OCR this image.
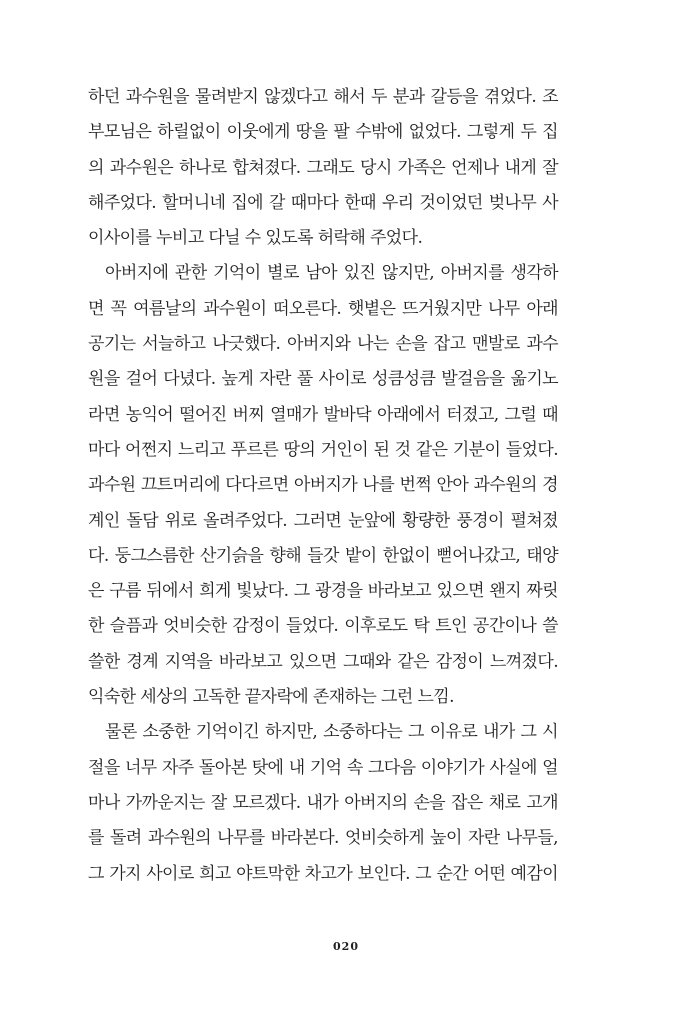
하던 과수원을 물려받지 않겠다고 해서 두 분과 갈등을 겪었다. 조
부모님은 하릴없이 이웃에게 땅을 팔 수밖에 없었다. 그렇게 두 집
의 과수원은 하나로 합쳐졌다. 그래도 당시 가족은 언제나 내게 잘
해주었다. 할머니네 집에 갈 때마다 한때 우리 것이었던 벚나무 사
이사이를 누비고 다닐 수 있도록 허락해 주었다.
아버지에 관한 기억이 별로 남아 있진 않지만, 아버지를 생각하
면 꼭 여름날의 과수원이 떠오른다. 햇볕은 뜨거웠지만 나무 아래
공기는 서늘하고 나긋했다. 아버지와 나는 손을 잡고 맨발로 과수
원을 걸어 다녔다. 높게 자란 풀 사이로 성큼성큼 발걸음을 옮기노
라면 농익어 떨어진 버찌 열매가 발바닥 아래에서 터졌고, 그럴 때
마다 어쩐지 느리고 푸르른 땅의 거인이 된 것 같은 기분이 들었다.
과수원 끄트머리에 다다르면 아버지가 나를 번쩍 안아 과수원의 경
계인 돌담 위로 올려주었다. 그러면 눈앞에 황량한 풍경이 펼쳐졌
다. 둥그스름한 산기슭을 향해 들갓 밭이 한없이 뻗어나갔고, 태양
은 구름 뒤에서 희게 빛났다. 그 광경을 바라보고 있으면 왠지 짜릿
한 슬픔과 엇비슷한 감정이 들었다. 이후로도 탁 트인 공간이나 쓸
쓸한 경계 지역을 바라보고 있으면 그때와 같은 감정이 느껴졌다.
익숙한 세상의 고독한 끝자락에 존재하는 그런 느낌.
물론 소중한 기억이긴 하지만, 소중하다는 그 이유로 내가 그 시
절을 너무 자주 돌아본 탓에 내 기억 속 그다음 이야기가 사실에 얼
마나 가까운지는 잘 모르겠다. 내가 아버지의 손을 잡은 채로 고개
를 돌려 과수원의 나무를 바라본다. 엇비슷하게 높이 자란 나무들,
그 가지 사이로 희고 야트막한 차고가 보인다. 그 순간 어떤 예감이
020
